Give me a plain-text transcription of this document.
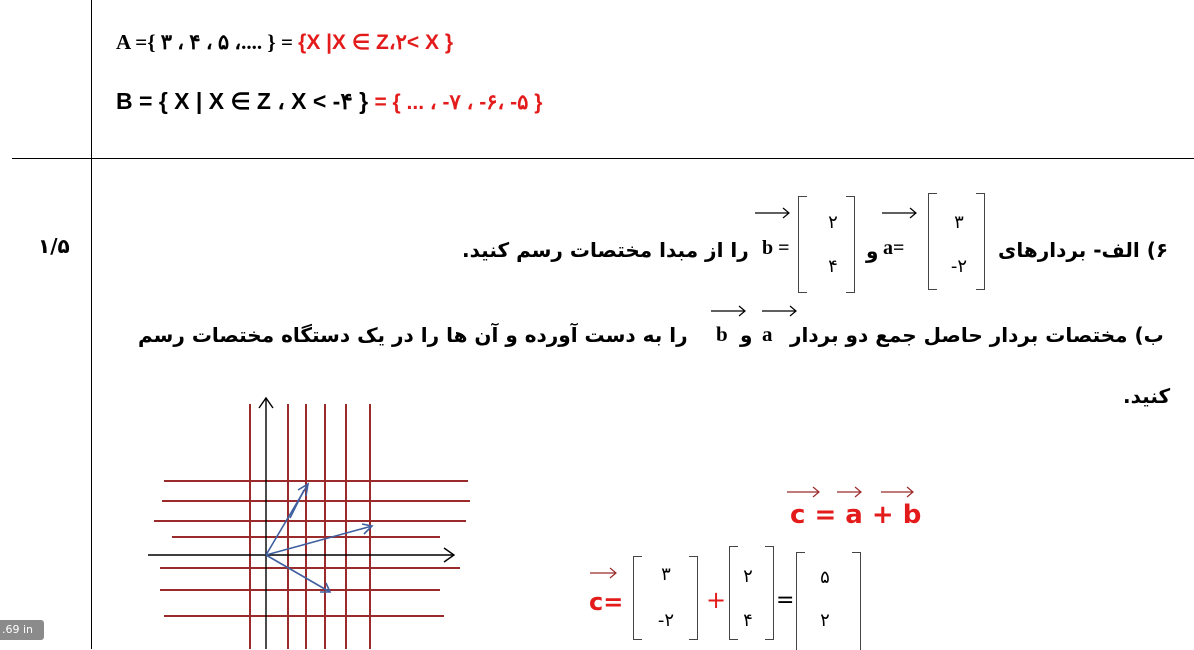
A ={ ۳ ، ۴ ، ۵ ،.... } = {X |X ∈ Z،۲< X }
B = { X | X ∈ Z ، X < -۴ } = { ... ، -۷ ، -۶، -۵ }
۱/۵	را از مبدا مختصات رسم کنید. b =
۲
۴
و a=
۳
-۲
۶) الف- بردارهای
را به دست آورده و آن ها را در یک دستگاه مختصات رسم b و a ب) مختصات بردار حاصل جمع دو بردار
کنید.
c = a + b
c=
۳
-۲
+
۲
۴
=
۵
۲
.69 in
